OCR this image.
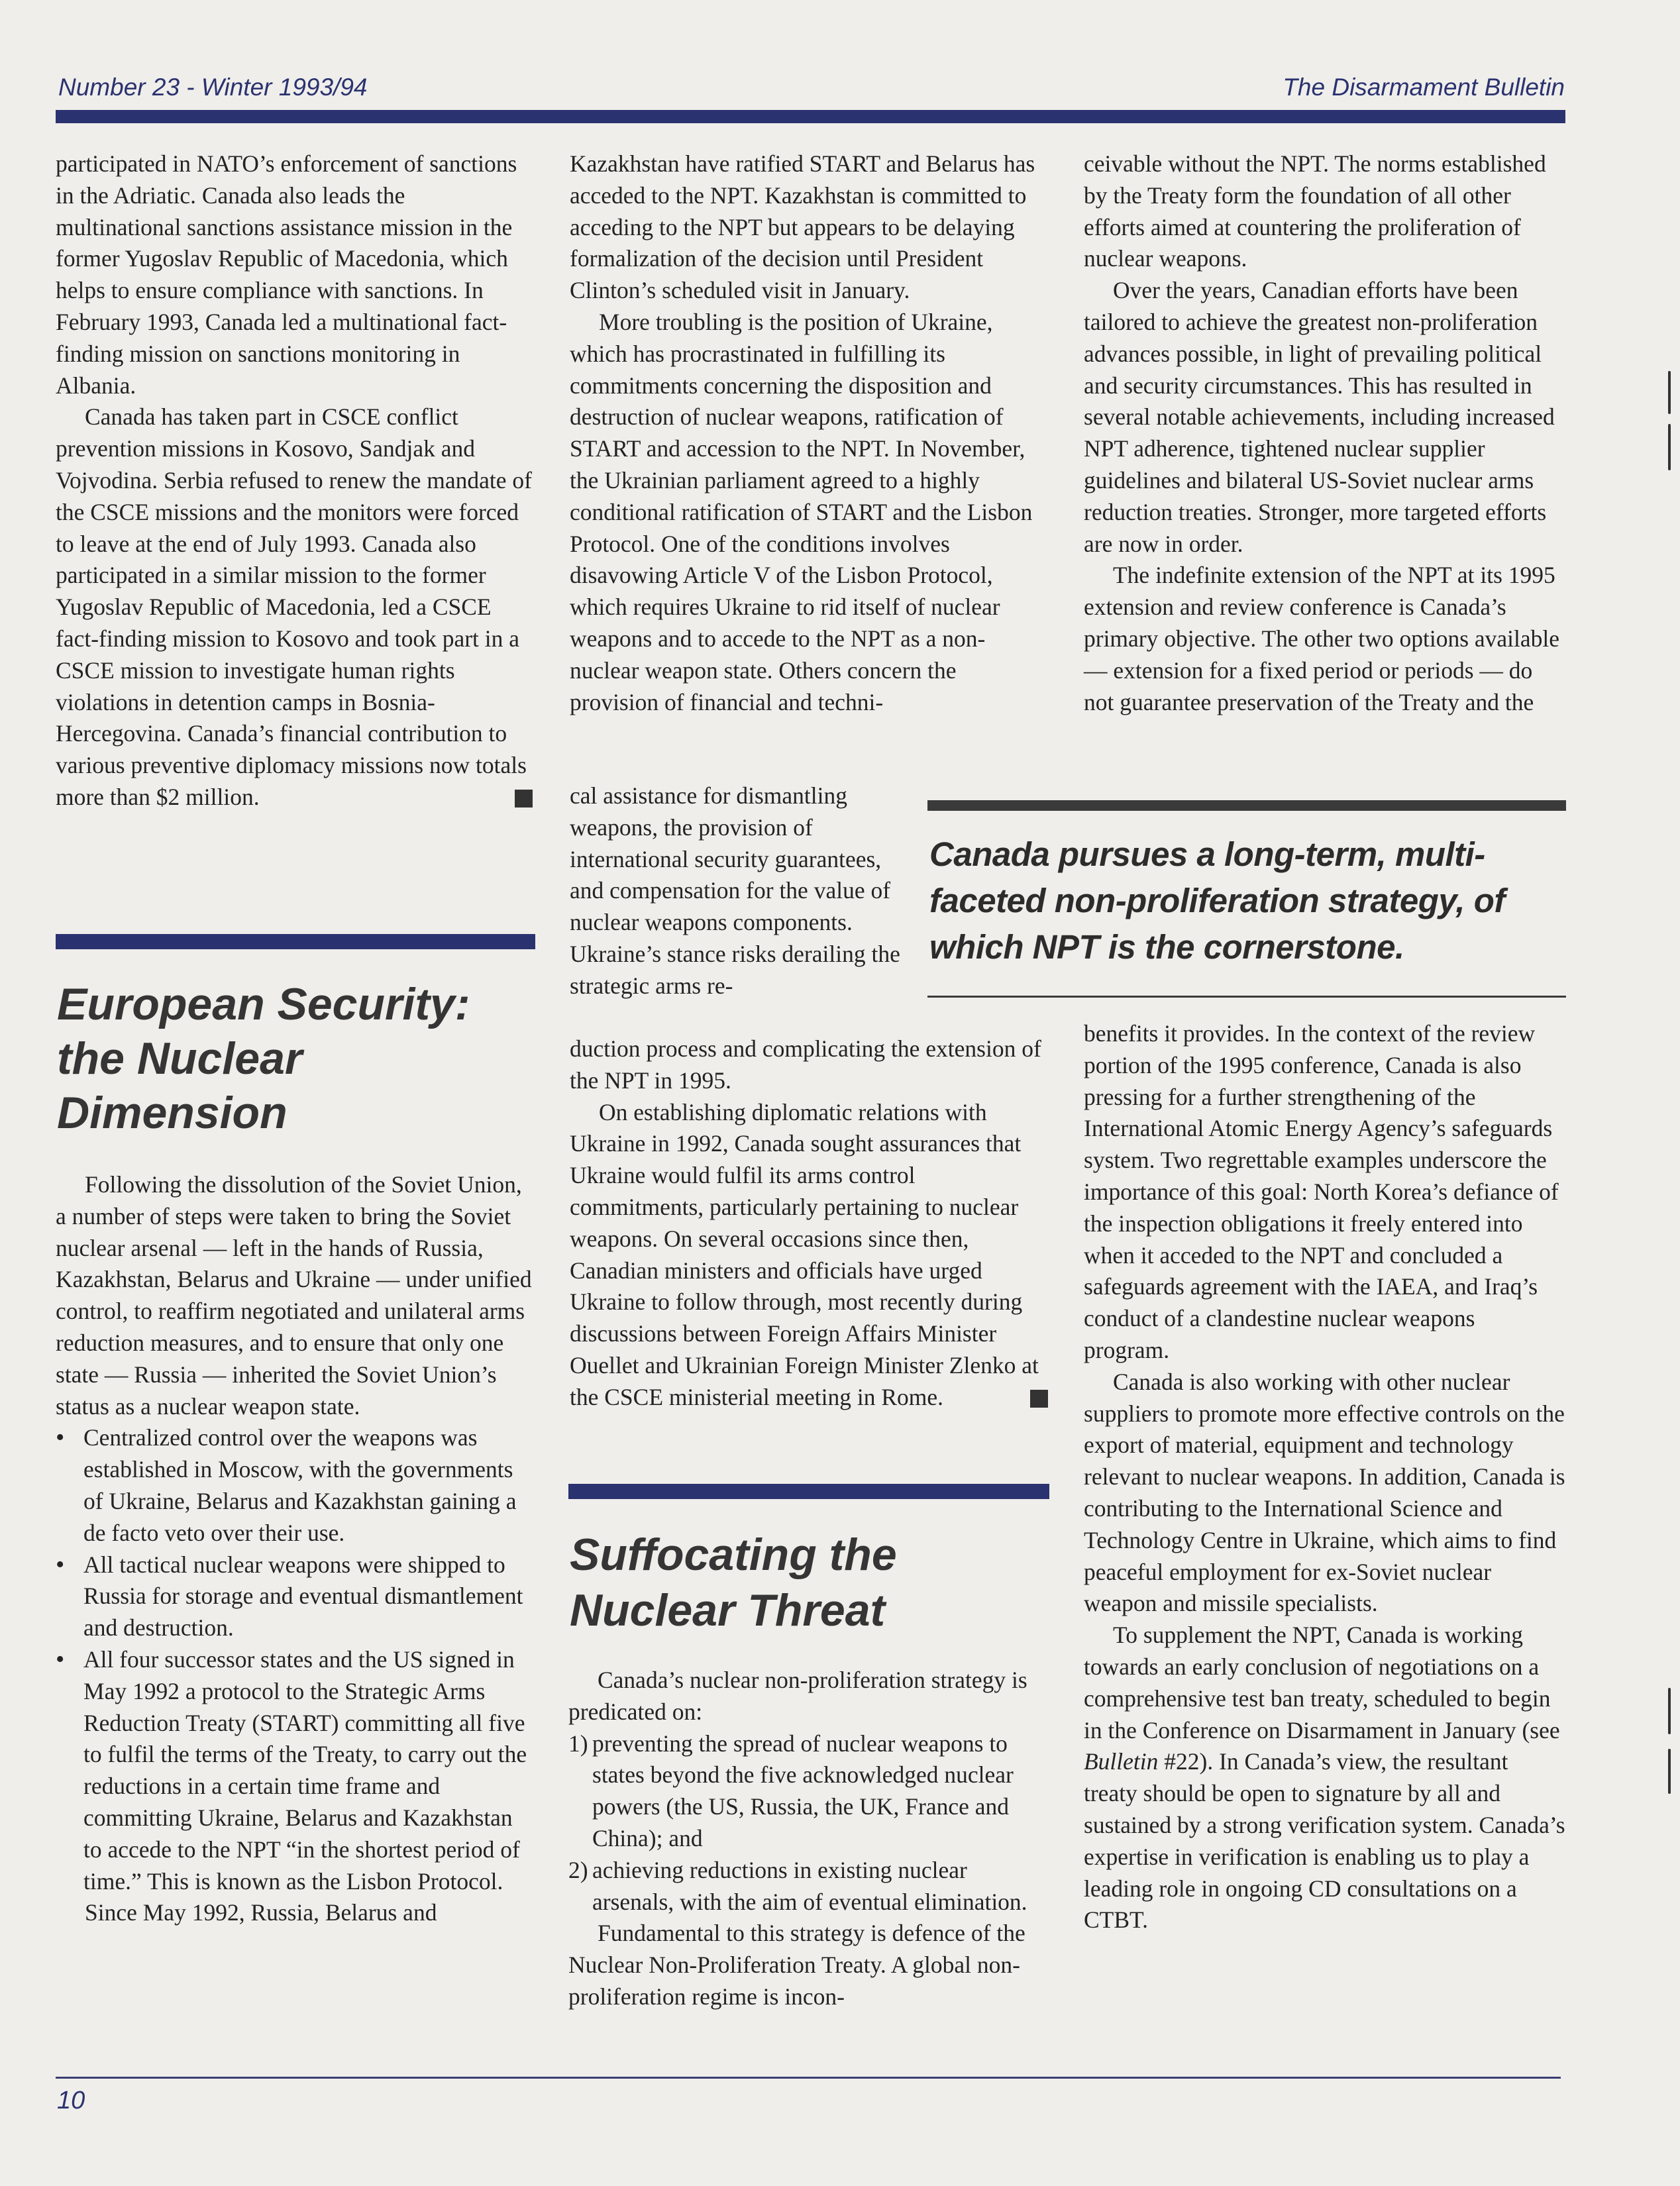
Number 23 - Winter 1993/94	The Disarmament Bulletin

participated in NATO’s enforcement of sanctions in the Adriatic. Canada also leads the multinational sanctions assistance mission in the former Yugoslav Republic of Macedonia, which helps to ensure compliance with sanctions. In February 1993, Canada led a multinational fact-finding mission on sanctions monitoring in Albania.

Canada has taken part in CSCE conflict prevention missions in Kosovo, Sandjak and Vojvodina. Serbia refused to renew the mandate of the CSCE missions and the monitors were forced to leave at the end of July 1993. Canada also participated in a similar mission to the former Yugoslav Republic of Macedonia, led a CSCE fact-finding mission to Kosovo and took part in a CSCE mission to investigate human rights violations in detention camps in Bosnia-Hercegovina. Canada’s financial contribution to various preventive diplomacy missions now totals more than $2 million.

European Security:
the Nuclear
Dimension

Following the dissolution of the Soviet Union, a number of steps were taken to bring the Soviet nuclear arsenal — left in the hands of Russia, Kazakhstan, Belarus and Ukraine — under unified control, to reaffirm negotiated and unilateral arms reduction measures, and to ensure that only one state — Russia — inherited the Soviet Union’s status as a nuclear weapon state.

• Centralized control over the weapons was established in Moscow, with the governments of Ukraine, Belarus and Kazakhstan gaining a de facto veto over their use.
• All tactical nuclear weapons were shipped to Russia for storage and eventual dismantlement and destruction.
• All four successor states and the US signed in May 1992 a protocol to the Strategic Arms Reduction Treaty (START) committing all five to fulfil the terms of the Treaty, to carry out the reductions in a certain time frame and committing Ukraine, Belarus and Kazakhstan to accede to the NPT “in the shortest period of time.” This is known as the Lisbon Protocol.

Since May 1992, Russia, Belarus and

Kazakhstan have ratified START and Belarus has acceded to the NPT. Kazakhstan is committed to acceding to the NPT but appears to be delaying formalization of the decision until President Clinton’s scheduled visit in January.

More troubling is the position of Ukraine, which has procrastinated in fulfilling its commitments concerning the disposition and destruction of nuclear weapons, ratification of START and accession to the NPT. In November, the Ukrainian parliament agreed to a highly conditional ratification of START and the Lisbon Protocol. One of the conditions involves disavowing Article V of the Lisbon Protocol, which requires Ukraine to rid itself of nuclear weapons and to accede to the NPT as a non-nuclear weapon state. Others concern the provision of financial and techni-

cal assistance for dismantling weapons, the provision of international security guarantees, and compensation for the value of nuclear weapons components. Ukraine’s stance risks derailing the strategic arms re-

duction process and complicating the extension of the NPT in 1995.

On establishing diplomatic relations with Ukraine in 1992, Canada sought assurances that Ukraine would fulfil its arms control commitments, particularly pertaining to nuclear weapons. On several occasions since then, Canadian ministers and officials have urged Ukraine to follow through, most recently during discussions between Foreign Affairs Minister Ouellet and Ukrainian Foreign Minister Zlenko at the CSCE ministerial meeting in Rome.

Suffocating the
Nuclear Threat

Canada’s nuclear non-proliferation strategy is predicated on:

1) preventing the spread of nuclear weapons to states beyond the five acknowledged nuclear powers (the US, Russia, the UK, France and China); and
2) achieving reductions in existing nuclear arsenals, with the aim of eventual elimination.

Fundamental to this strategy is defence of the Nuclear Non-Proliferation Treaty. A global non-proliferation regime is incon-

ceivable without the NPT. The norms established by the Treaty form the foundation of all other efforts aimed at countering the proliferation of nuclear weapons.

Over the years, Canadian efforts have been tailored to achieve the greatest non-proliferation advances possible, in light of prevailing political and security circumstances. This has resulted in several notable achievements, including increased NPT adherence, tightened nuclear supplier guidelines and bilateral US-Soviet nuclear arms reduction treaties. Stronger, more targeted efforts are now in order.

The indefinite extension of the NPT at its 1995 extension and review conference is Canada’s primary objective. The other two options available — extension for a fixed period or periods — do not guarantee preservation of the Treaty and the

Canada pursues a long-term, multi-faceted non-proliferation strategy, of which NPT is the cornerstone.

benefits it provides. In the context of the review portion of the 1995 conference, Canada is also pressing for a further strengthening of the International Atomic Energy Agency’s safeguards system. Two regrettable examples underscore the importance of this goal: North Korea’s defiance of the inspection obligations it freely entered into when it acceded to the NPT and concluded a safeguards agreement with the IAEA, and Iraq’s conduct of a clandestine nuclear weapons program.

Canada is also working with other nuclear suppliers to promote more effective controls on the export of material, equipment and technology relevant to nuclear weapons. In addition, Canada is contributing to the International Science and Technology Centre in Ukraine, which aims to find peaceful employment for ex-Soviet nuclear weapon and missile specialists.

To supplement the NPT, Canada is working towards an early conclusion of negotiations on a comprehensive test ban treaty, scheduled to begin in the Conference on Disarmament in January (see Bulletin #22). In Canada’s view, the resultant treaty should be open to signature by all and sustained by a strong verification system. Canada’s expertise in verification is enabling us to play a leading role in ongoing CD consultations on a CTBT.

10
